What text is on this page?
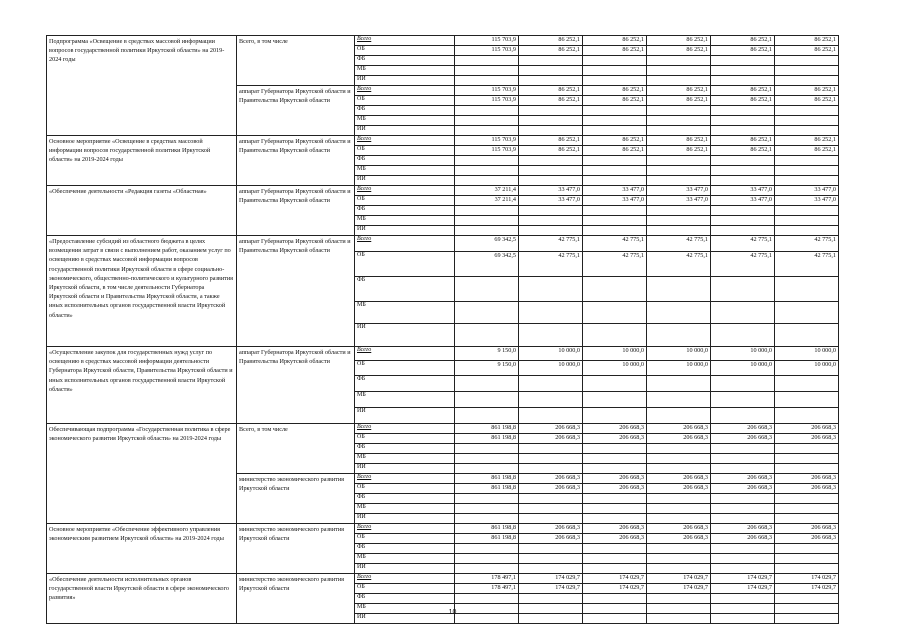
Подпрограмма «Освещение в средствах массовой информации вопросов государственной политики Иркутской области» на 2019-2024 годы	Всего, в том числе	Всего	115 703,9	86 252,1	86 252,1	86 252,1	86 252,1	86 252,1
		ОБ	115 703,9	86 252,1	86 252,1	86 252,1	86 252,1	86 252,1
		ФБ						
		МБ						
		ИИ						
	аппарат Губернатора Иркутской области и Правительства Иркутской области	Всего	115 703,9	86 252,1	86 252,1	86 252,1	86 252,1	86 252,1
		ОБ	115 703,9	86 252,1	86 252,1	86 252,1	86 252,1	86 252,1
		ФБ						
		МБ						
		ИИ						
Основное мероприятие «Освещение в средствах массовой информации вопросов государственной политики Иркутской области» на 2019-2024 годы	аппарат Губернатора Иркутской области и Правительства Иркутской области	Всего	115 703,9	86 252,1	86 252,1	86 252,1	86 252,1	86 252,1
		ОБ	115 703,9	86 252,1	86 252,1	86 252,1	86 252,1	86 252,1
		ФБ						
		МБ						
		ИИ						
«Обеспечение деятельности «Редакция газеты «Областная»	аппарат Губернатора Иркутской области и Правительства Иркутской области	Всего	37 211,4	33 477,0	33 477,0	33 477,0	33 477,0	33 477,0
		ОБ	37 211,4	33 477,0	33 477,0	33 477,0	33 477,0	33 477,0
		ФБ						
		МБ						
		ИИ						
«Предоставление субсидий из областного бюджета в целях возмещения затрат в связи с выполнением работ, оказанием услуг по освещению в средствах массовой информации вопросов государственной политики Иркутской области в сфере социально-экономического, общественно-политического и культурного развития Иркутской области, в том числе деятельности Губернатора Иркутской области и Правительства Иркутской области, а также иных исполнительных органов государственной власти Иркутской области»	аппарат Губернатора Иркутской области и Правительства Иркутской области	Всего	69 342,5	42 775,1	42 775,1	42 775,1	42 775,1	42 775,1
		ОБ	69 342,5	42 775,1	42 775,1	42 775,1	42 775,1	42 775,1
		ФБ						
		МБ						
		ИИ						
«Осуществление закупок для государственных нужд услуг по освещению в средствах массовой информации деятельности Губернатора Иркутской области, Правительства Иркутской области и иных исполнительных органов государственной власти Иркутской области»	аппарат Губернатора Иркутской области и Правительства Иркутской области	Всего	9 150,0	10 000,0	10 000,0	10 000,0	10 000,0	10 000,0
		ОБ	9 150,0	10 000,0	10 000,0	10 000,0	10 000,0	10 000,0
		ФБ						
		МБ						
		ИИ						
Обеспечивающая подпрограмма «Государственная политика в сфере экономического развития Иркутской области» на 2019-2024 годы	Всего, в том числе	Всего	861 198,8	206 668,3	206 668,3	206 668,3	206 668,3	206 668,3
		ОБ	861 198,8	206 668,3	206 668,3	206 668,3	206 668,3	206 668,3
		ФБ						
		МБ						
		ИИ						
	министерство экономического развития Иркутской области	Всего	861 198,8	206 668,3	206 668,3	206 668,3	206 668,3	206 668,3
		ОБ	861 198,8	206 668,3	206 668,3	206 668,3	206 668,3	206 668,3
		ФБ						
		МБ						
		ИИ						
Основное мероприятие «Обеспечение эффективного управления экономическим развитием Иркутской области» на 2019-2024 годы	министерство экономического развития Иркутской области	Всего	861 198,8	206 668,3	206 668,3	206 668,3	206 668,3	206 668,3
		ОБ	861 198,8	206 668,3	206 668,3	206 668,3	206 668,3	206 668,3
		ФБ						
		МБ						
		ИИ						
«Обеспечение деятельности исполнительных органов государственной власти Иркутской области в сфере экономического развития»	министерство экономического развития Иркутской области	Всего	178 497,1	174 029,7	174 029,7	174 029,7	174 029,7	174 029,7
		ОБ	178 497,1	174 029,7	174 029,7	174 029,7	174 029,7	174 029,7
		ФБ						
		МБ						
		ИИ						
10
